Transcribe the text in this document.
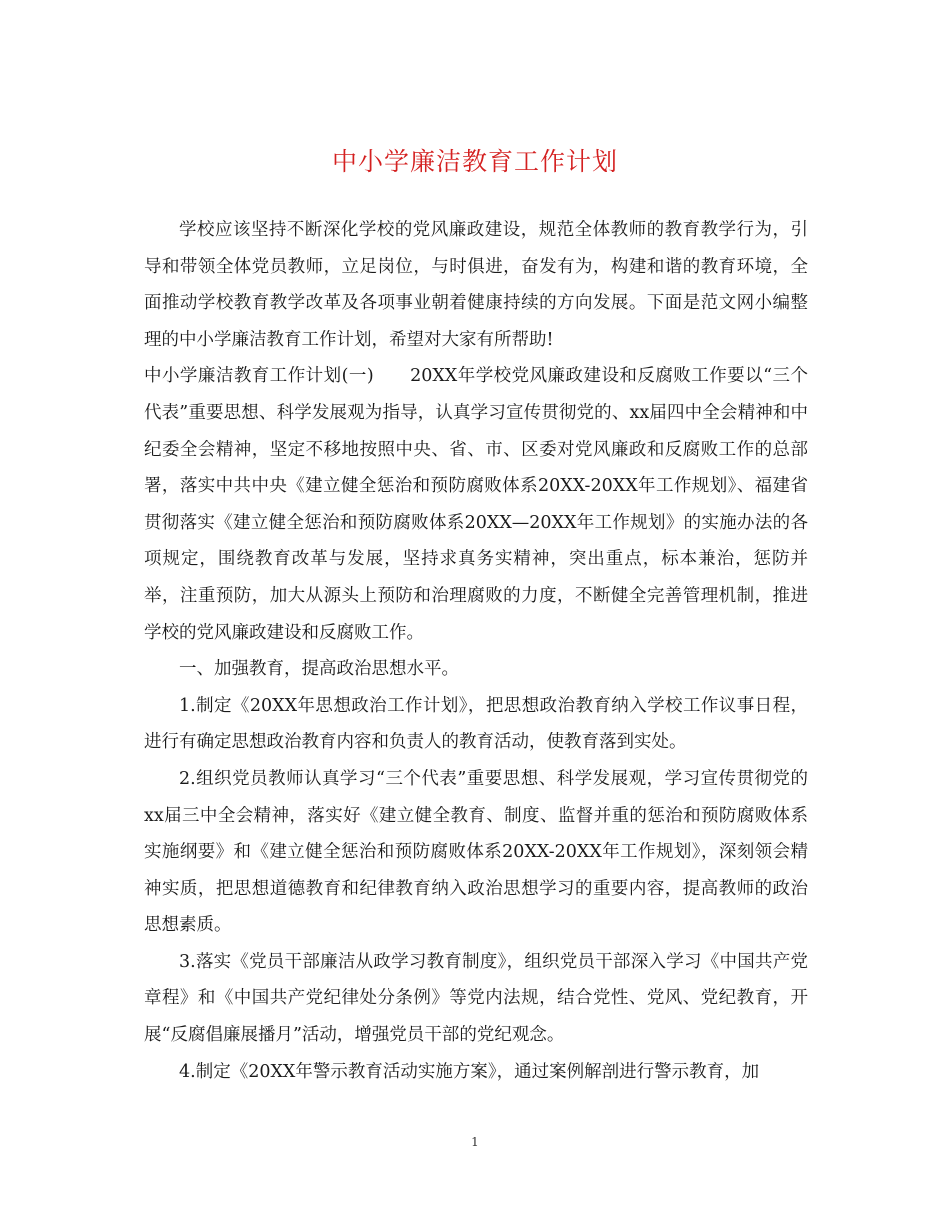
中小学廉洁教育工作计划

学校应该坚持不断深化学校的党风廉政建设，规范全体教师的教育教学行为，引导和带领全体党员教师，立足岗位，与时俱进，奋发有为，构建和谐的教育环境，全面推动学校教育教学改革及各项事业朝着健康持续的方向发展。下面是范文网小编整理的中小学廉洁教育工作计划，希望对大家有所帮助!

中小学廉洁教育工作计划(一)　　20XX年学校党风廉政建设和反腐败工作要以“三个代表”重要思想、科学发展观为指导，认真学习宣传贯彻党的、xx届四中全会精神和中纪委全会精神，坚定不移地按照中央、省、市、区委对党风廉政和反腐败工作的总部署，落实中共中央《建立健全惩治和预防腐败体系20XX-20XX年工作规划》、福建省贯彻落实《建立健全惩治和预防腐败体系20XX—20XX年工作规划》的实施办法的各项规定，围绕教育改革与发展，坚持求真务实精神，突出重点，标本兼治，惩防并举，注重预防，加大从源头上预防和治理腐败的力度，不断健全完善管理机制，推进学校的党风廉政建设和反腐败工作。

一、加强教育，提高政治思想水平。

1.制定《20XX年思想政治工作计划》，把思想政治教育纳入学校工作议事日程，进行有确定思想政治教育内容和负责人的教育活动，使教育落到实处。

2.组织党员教师认真学习“三个代表”重要思想、科学发展观，学习宣传贯彻党的xx届三中全会精神，落实好《建立健全教育、制度、监督并重的惩治和预防腐败体系实施纲要》和《建立健全惩治和预防腐败体系20XX-20XX年工作规划》，深刻领会精神实质，把思想道德教育和纪律教育纳入政治思想学习的重要内容，提高教师的政治思想素质。

3.落实《党员干部廉洁从政学习教育制度》，组织党员干部深入学习《中国共产党章程》和《中国共产党纪律处分条例》等党内法规，结合党性、党风、党纪教育，开展“反腐倡廉展播月”活动，增强党员干部的党纪观念。

4.制定《20XX年警示教育活动实施方案》，通过案例解剖进行警示教育，加

1
